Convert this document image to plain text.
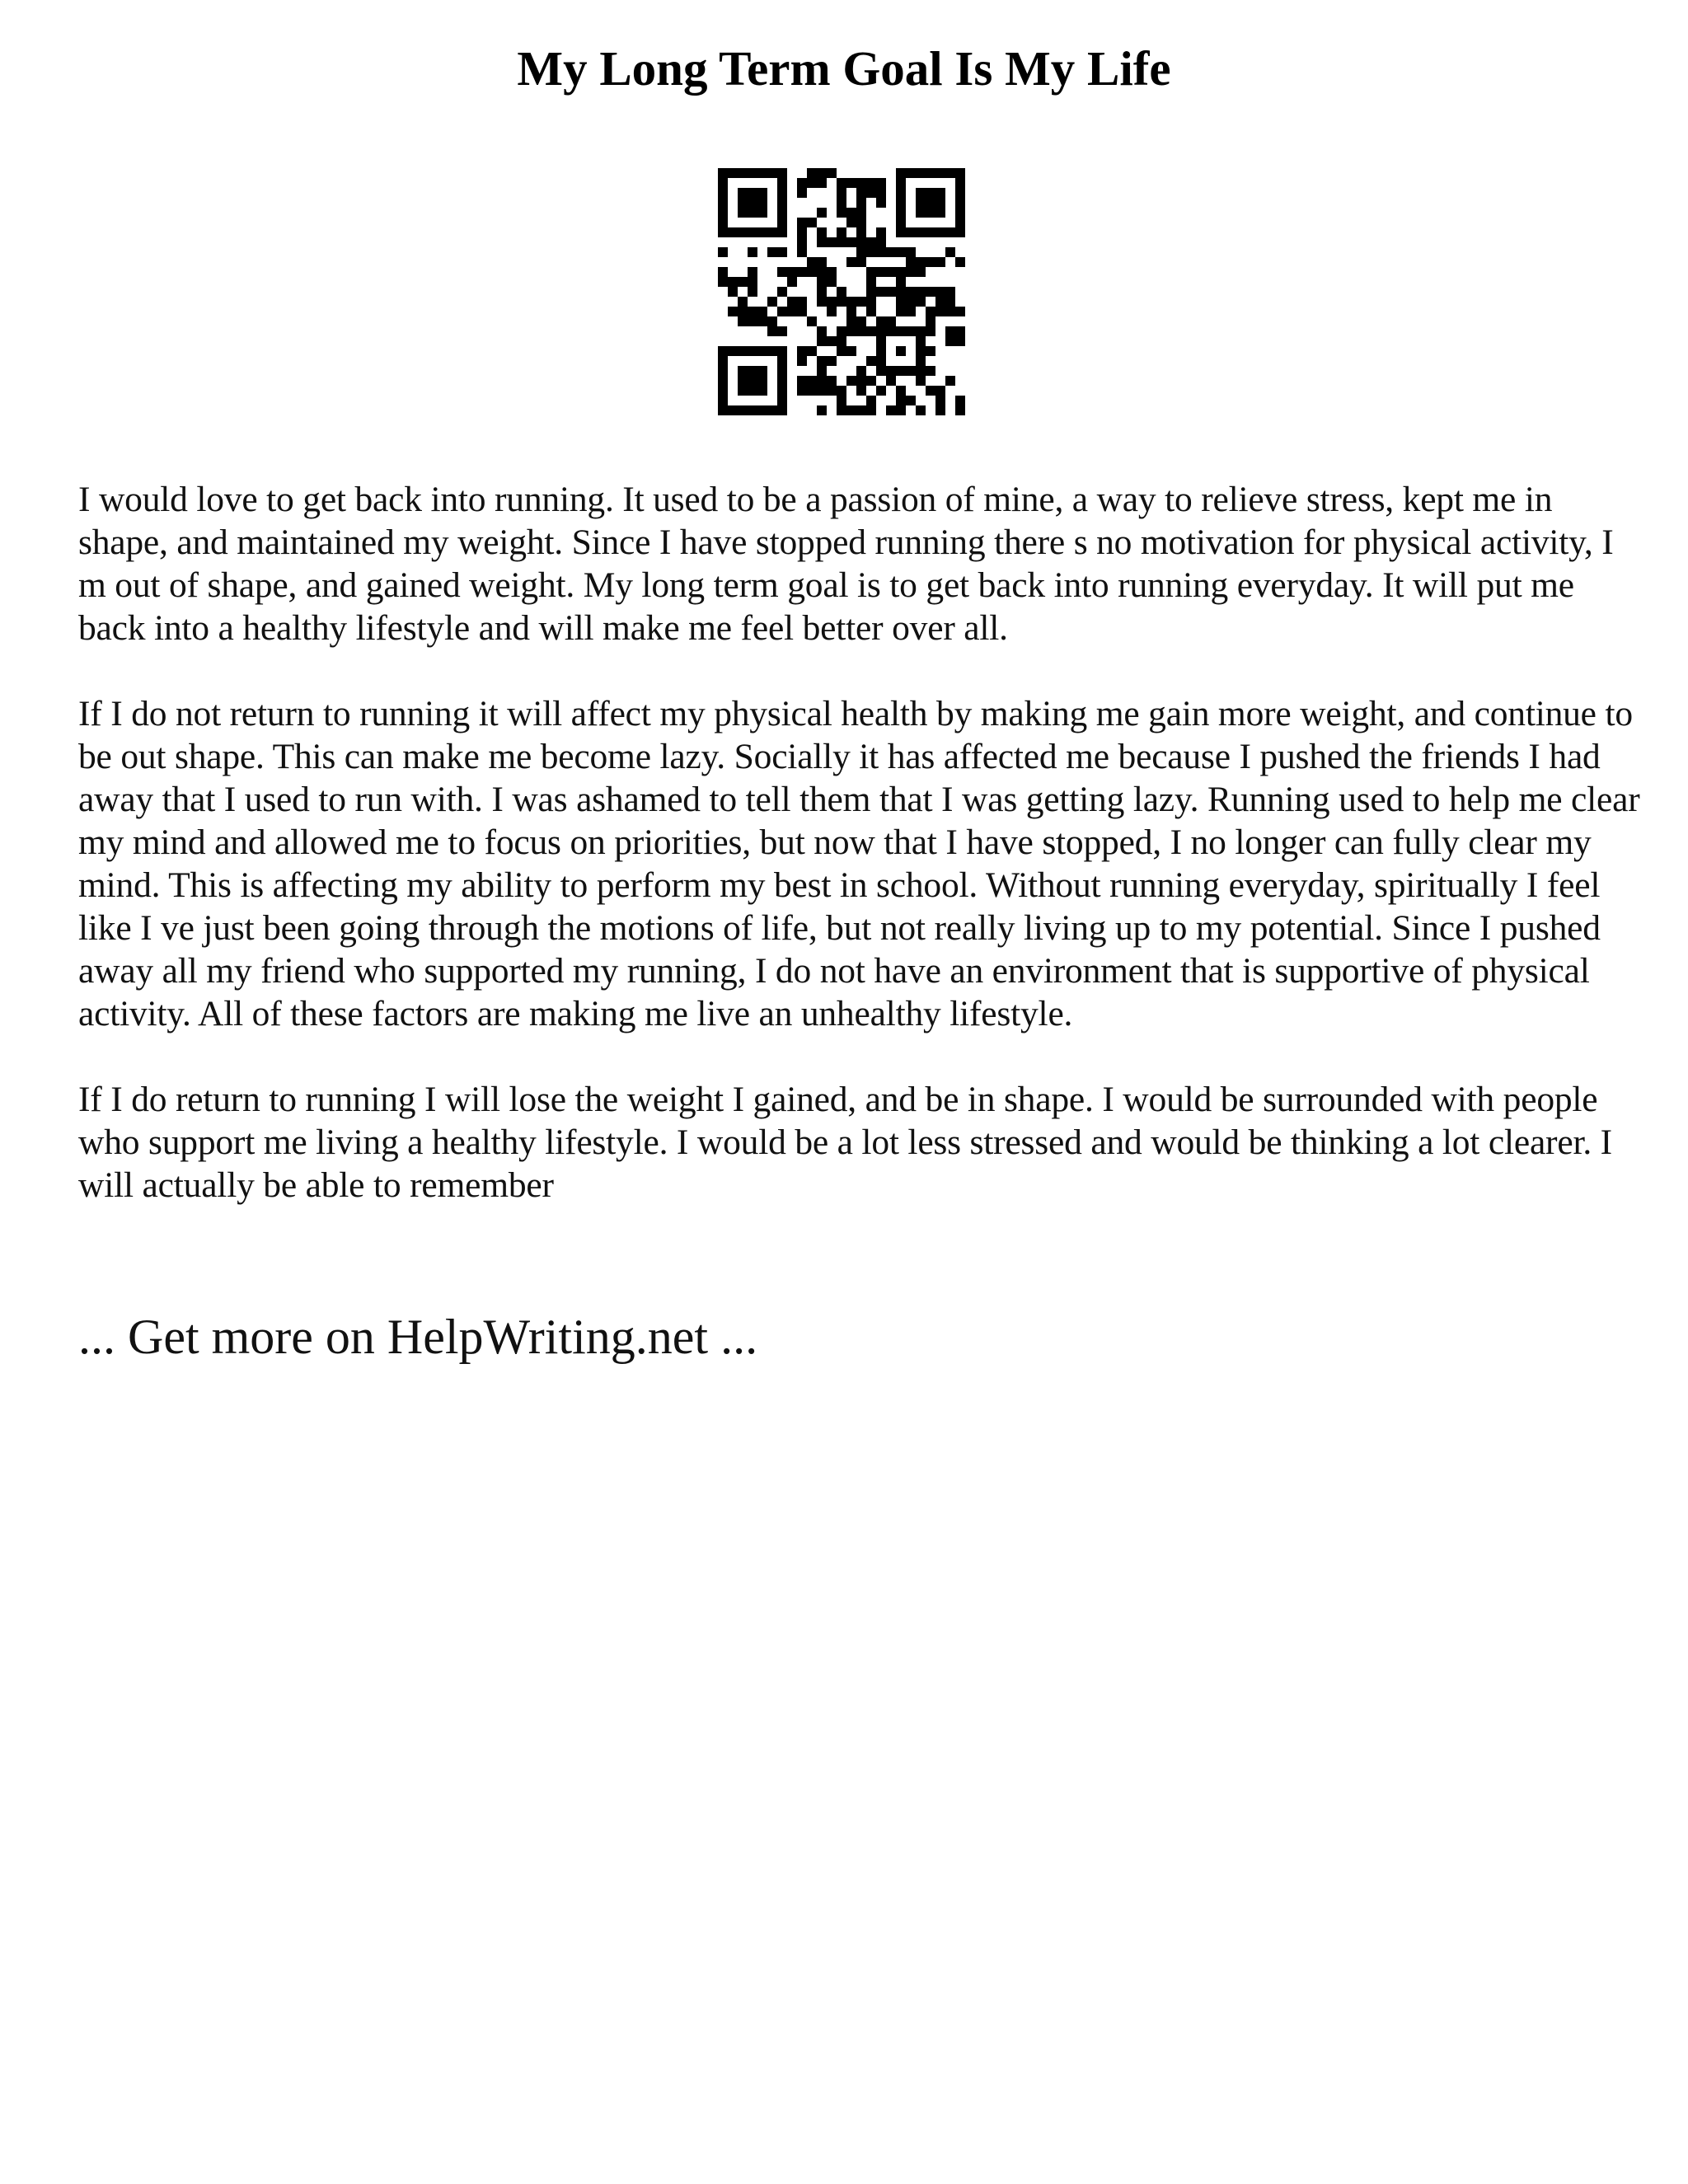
My Long Term Goal Is My Life

I would love to get back into running. It used to be a passion of mine, a way to relieve stress, kept me in shape, and maintained my weight. Since I have stopped running there s no motivation for physical activity, I m out of shape, and gained weight. My long term goal is to get back into running everyday. It will put me back into a healthy lifestyle and will make me feel better over all.

If I do not return to running it will affect my physical health by making me gain more weight, and continue to be out shape. This can make me become lazy. Socially it has affected me because I pushed the friends I had away that I used to run with. I was ashamed to tell them that I was getting lazy. Running used to help me clear my mind and allowed me to focus on priorities, but now that I have stopped, I no longer can fully clear my mind. This is affecting my ability to perform my best in school. Without running everyday, spiritually I feel like I ve just been going through the motions of life, but not really living up to my potential. Since I pushed away all my friend who supported my running, I do not have an environment that is supportive of physical activity. All of these factors are making me live an unhealthy lifestyle.

If I do return to running I will lose the weight I gained, and be in shape. I would be surrounded with people who support me living a healthy lifestyle. I would be a lot less stressed and would be thinking a lot clearer. I will actually be able to remember

... Get more on HelpWriting.net ...
